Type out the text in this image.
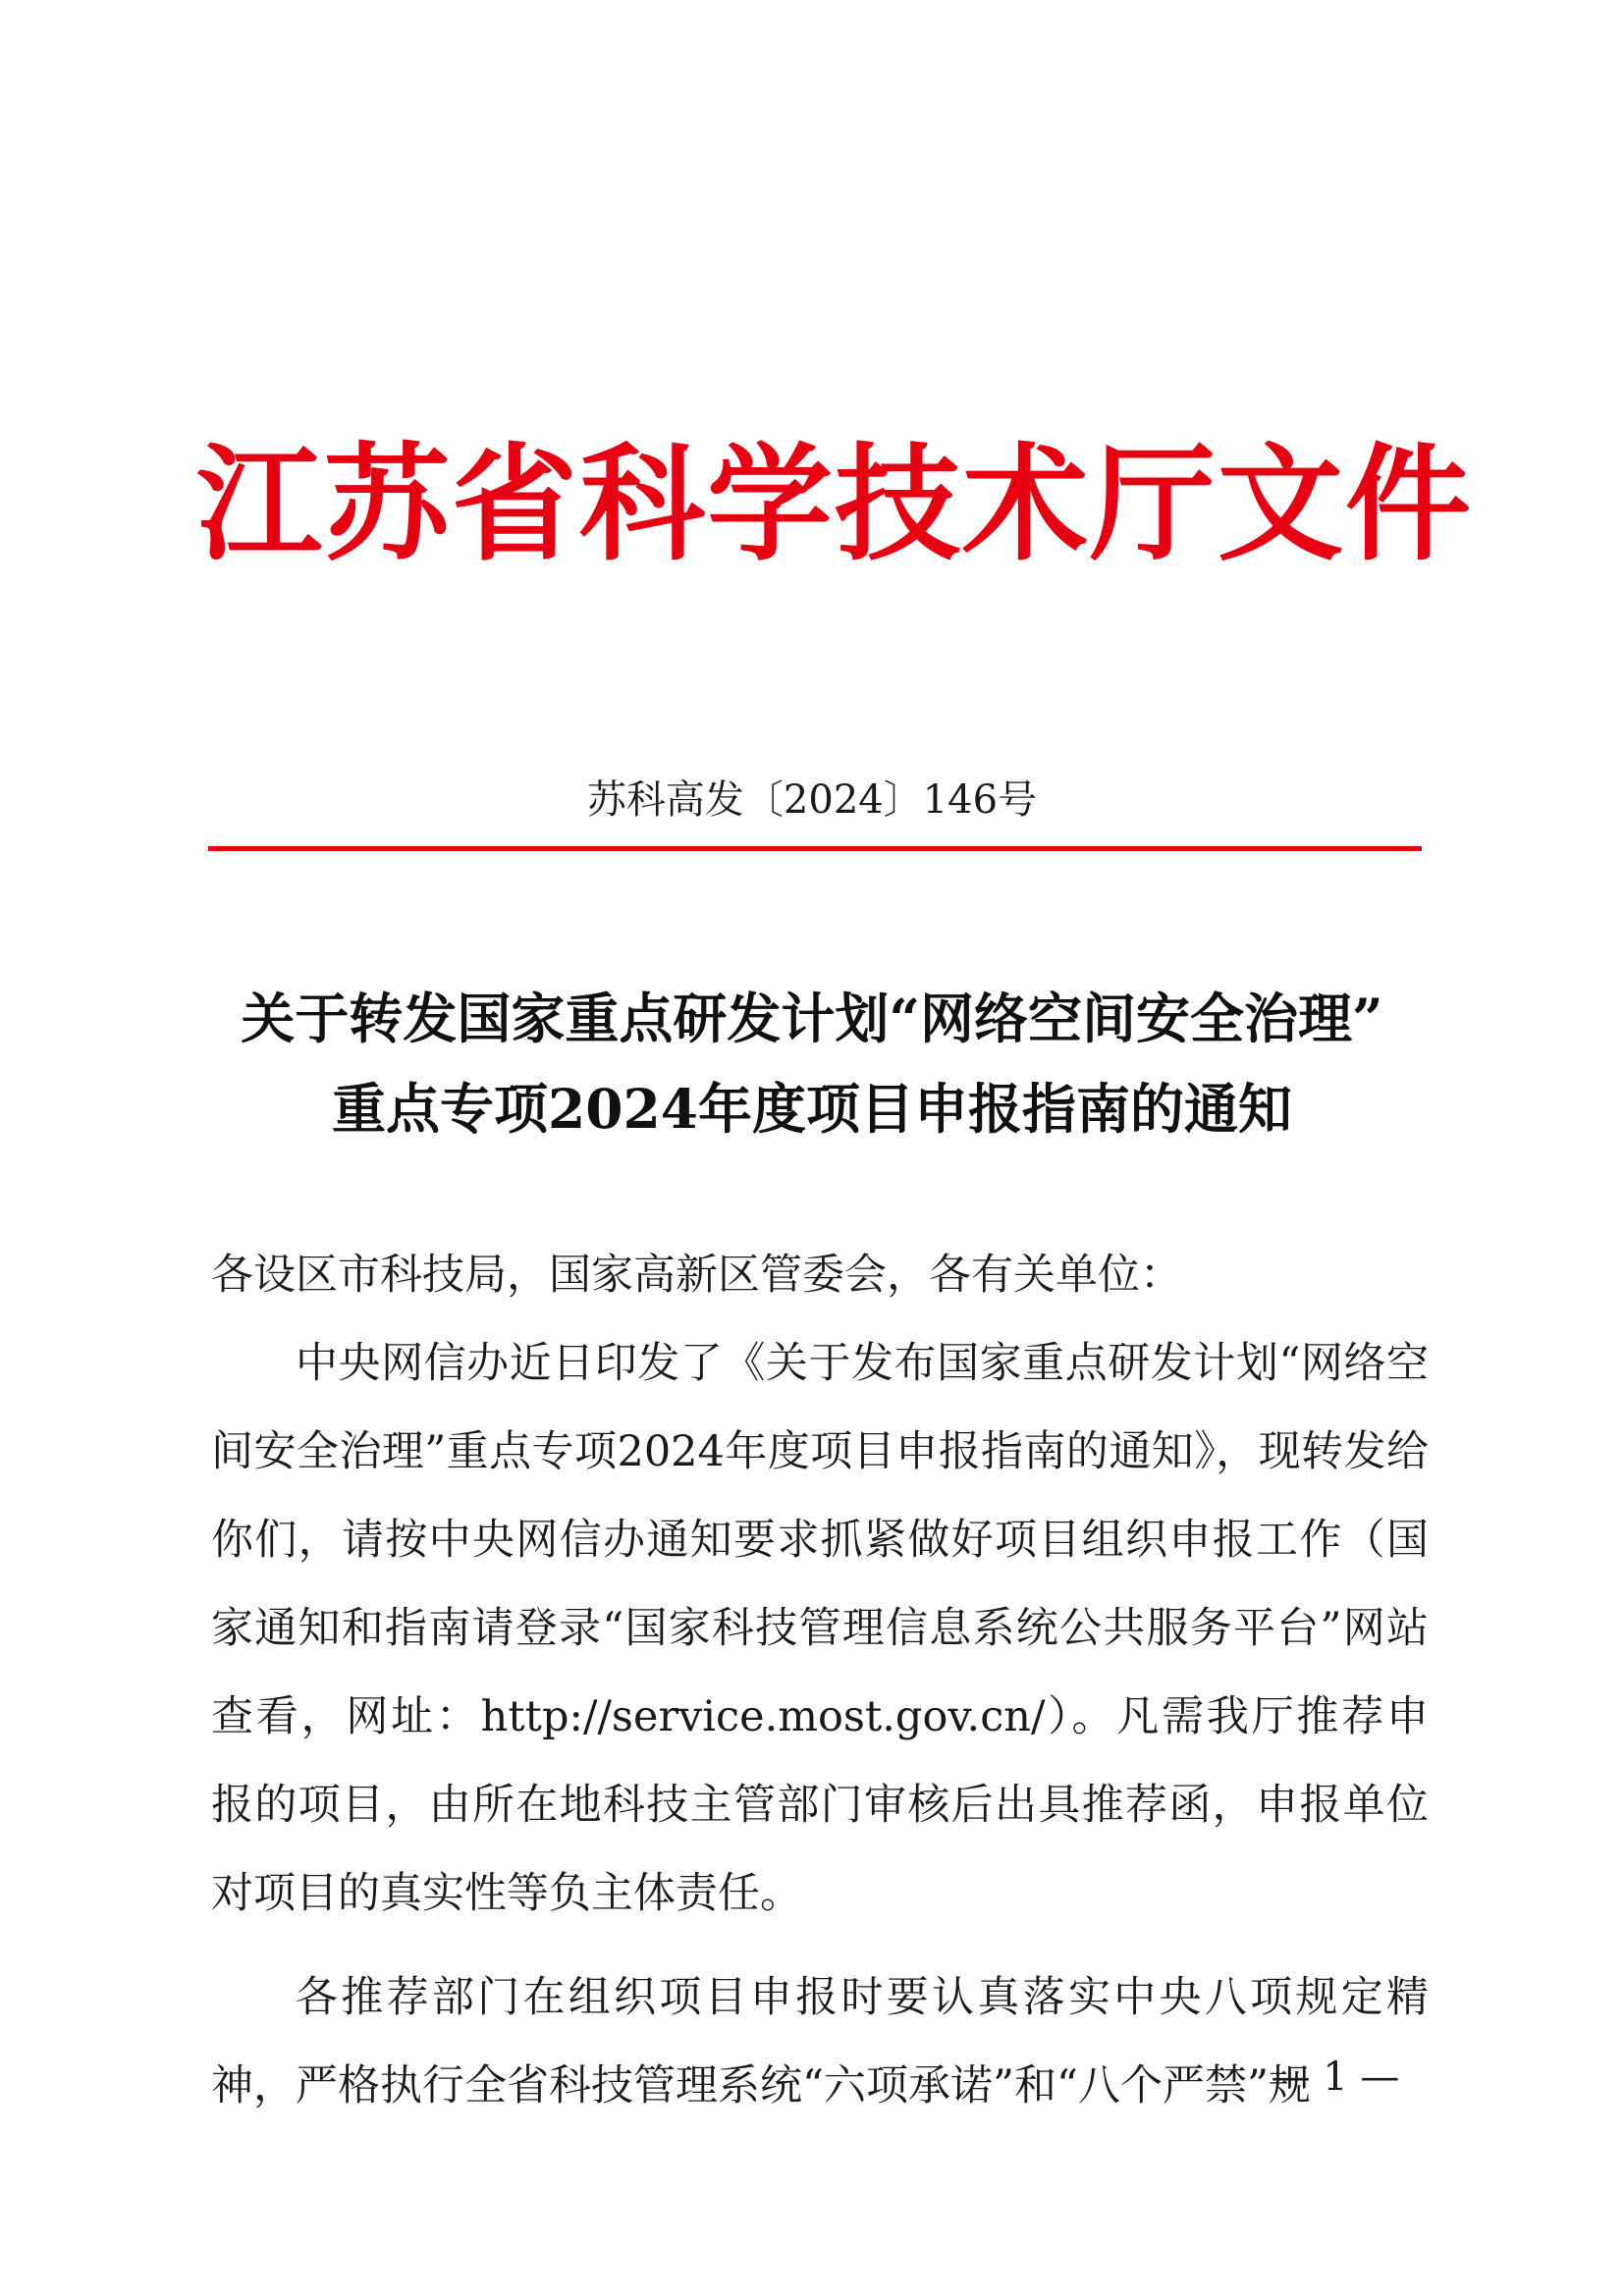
江苏省科学技术厅文件
苏科高发〔2024〕146号
关于转发国家重点研发计划“网络空间安全治理”
重点专项2024年度项目申报指南的通知

各设区市科技局，国家高新区管委会，各有关单位：

中央网信办近日印发了《关于发布国家重点研发计划“网络空间安全治理”重点专项2024年度项目申报指南的通知》，现转发给你们，请按中央网信办通知要求抓紧做好项目组织申报工作（国家通知和指南请登录“国家科技管理信息系统公共服务平台”网站查看，网址：http://service.most.gov.cn/）。凡需我厅推荐申报的项目，由所在地科技主管部门审核后出具推荐函，申报单位对项目的真实性等负主体责任。

各推荐部门在组织项目申报时要认真落实中央八项规定精神，严格执行全省科技管理系统“六项承诺”和“八个严禁”规

— 1 —
